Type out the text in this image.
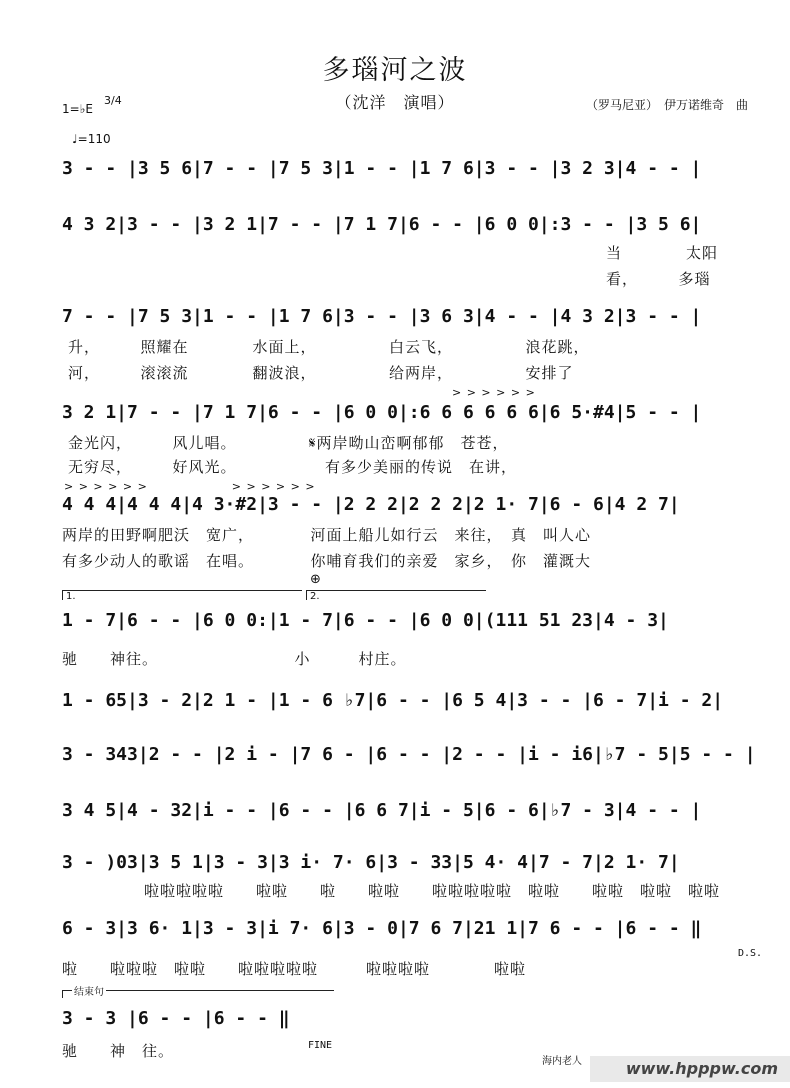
多瑙河之波
（沈洋　演唱）	（罗马尼亚）　伊万诺维奇　曲
1=♭E
3/4
♩=110
3 - - |3 5 6|7 - - |7 5 3|1 - - |1 7 6|3 - - |3 2 3|4 - - |
4 3 2|3 - - |3 2 1|7 - - |7 1 7|6 - - |6 0 0|:3 - - |3 5 6|
当　　　　太阳
看，　　　多瑙
7 - - |7 5 3|1 - - |1 7 6|3 - - |3 6 3|4 - - |4 3 2|3 - - |
升，　　　照耀在　　　　水面上，　　　　　白云飞，　　　　　浪花跳，
河，　　　滚滚流　　　　翻波浪，　　　　　给两岸，　　　　　安排了
> > > > > >
3 2 1|7 - - |7 1 7|6 - - |6 0 0|:6 6 6 6 6 6|6 5·#4|5 - - |
金光闪，　　　风儿唱。　　　　　𝄋两岸呦山峦啊郁郁　苍苍，
无穷尽，　　　好风光。　　　　　　有多少美丽的传说　在讲，
> > > > > >　　　　　　　> > > > > >
4 4 4|4 4 4|4 3·#2|3 - - |2 2 2|2 2 2|2 1· 7|6 - 6|4 2 7|
两岸的田野啊肥沃　宽广，　　　　河面上船儿如行云　来往，　真　叫人心
有多少动人的歌谣　在唱。　　　　你哺育我们的亲爱　家乡，　你　灌溉大
⊕
1.	2.
1 - 7|6 - - |6 0 0:|1 - 7|6 - - |6 0 0|(111 51 23|4 - 3|
驰　　神往。　　　　　　　　　小　　　村庄。
1 - 65|3 - 2|2 1 - |1 - 6 ♭7|6 - - |6 5 4|3 - - |6 - 7|i - 2|
3 - 343|2 - - |2 i - |7 6 - |6 - - |2 - - |i - i6|♭7 - 5|5 - - |
3 4 5|4 - 32|i - - |6 - - |6 6 7|i - 5|6 - 6|♭7 - 3|4 - - |
3 - )03|3 5 1|3 - 3|3 i· 7· 6|3 - 33|5 4· 4|7 - 7|2 1· 7|
啦啦啦啦啦　　啦啦　　啦　　啦啦　　啦啦啦啦啦　啦啦　　啦啦　啦啦　啦啦
6 - 3|3 6· 1|3 - 3|i 7· 6|3 - 0|7 6 7|21 1|7 6 - - |6 - - ‖
D.S.
啦　　啦啦啦　啦啦　　啦啦啦啦啦　　　啦啦啦啦　　　　啦啦
结束句
3 - 3 |6 - - |6 - - ‖
驰　　神　往。	FINE
海内老人	www.hpppw.com
